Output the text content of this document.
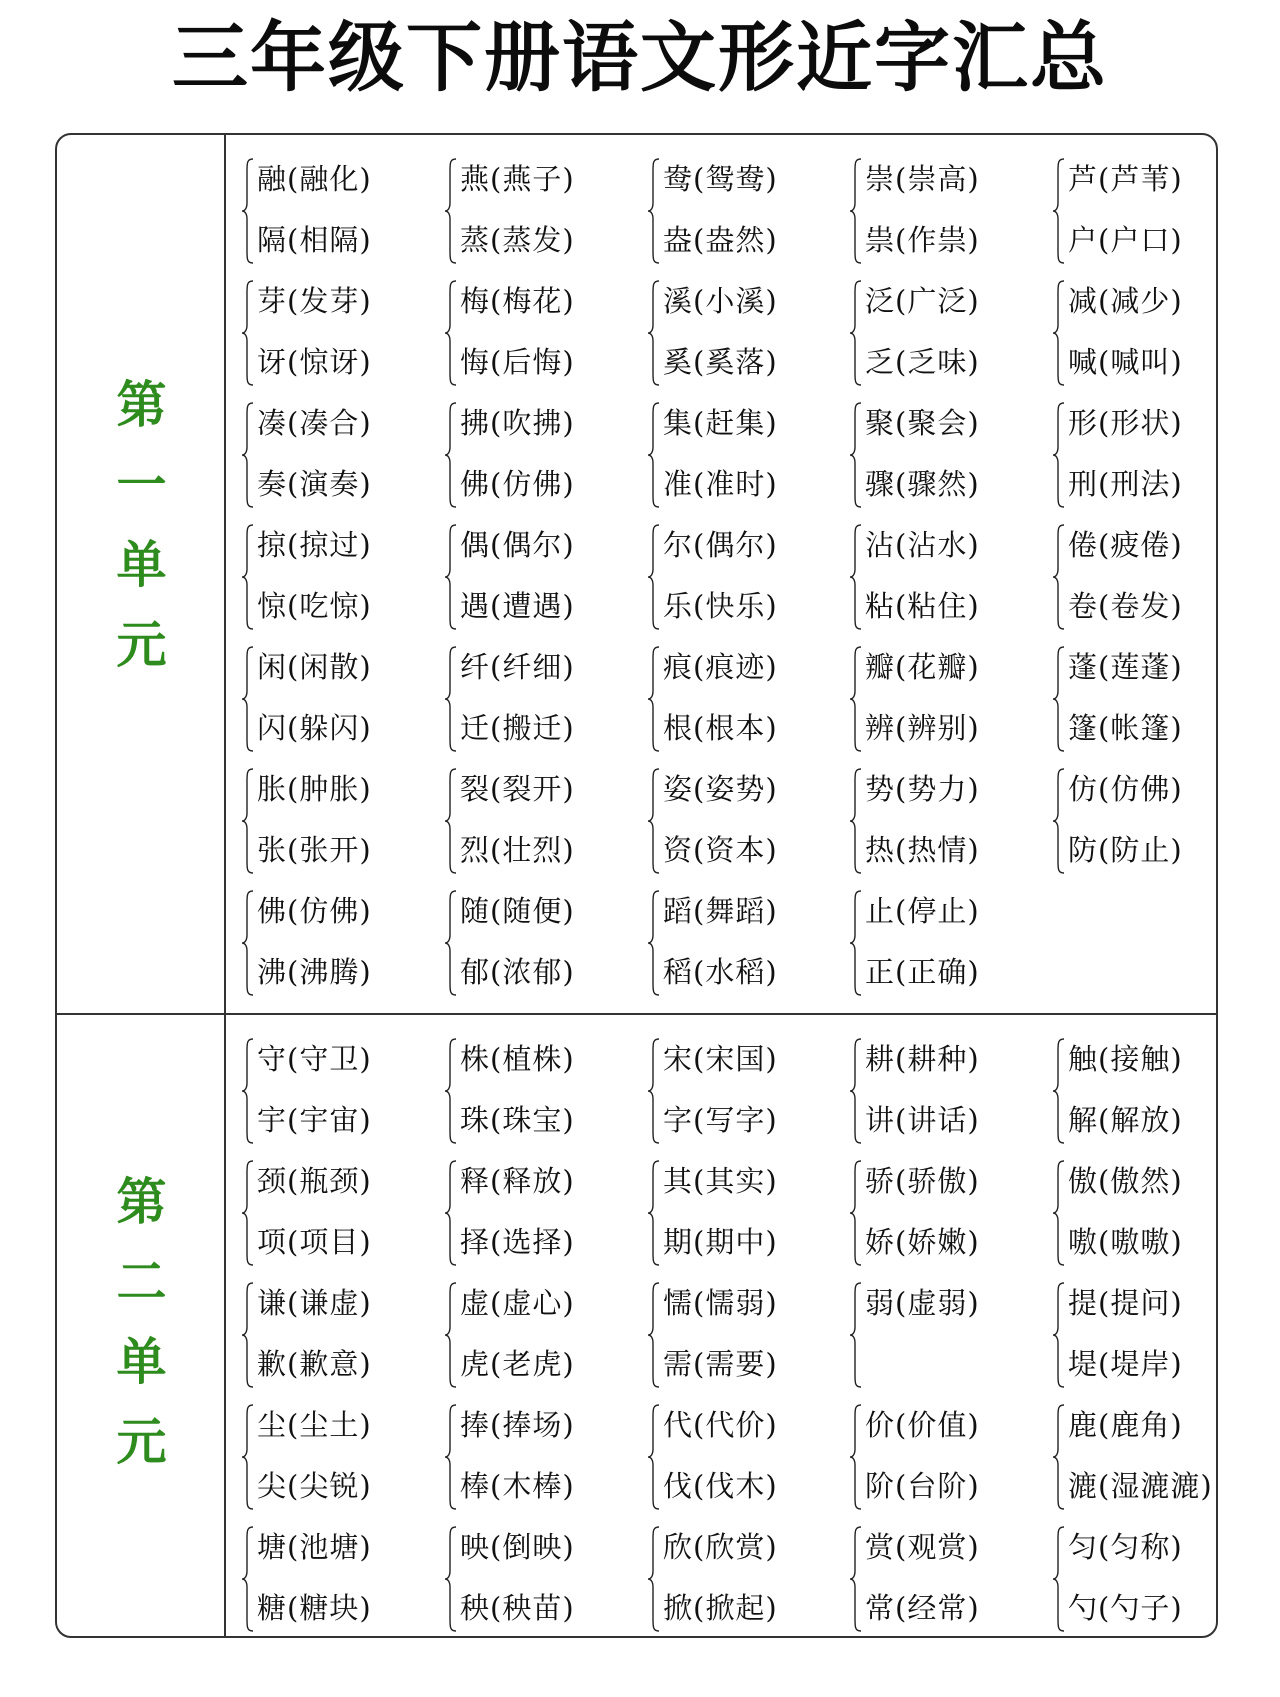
三年级下册语文形近字汇总
第
一
单
元
融(融化)
隔(相隔)
燕(燕子)
蒸(蒸发)
鸯(鸳鸯)
盎(盎然)
崇(崇高)
祟(作祟)
芦(芦苇)
户(户口)
芽(发芽)
讶(惊讶)
梅(梅花)
悔(后悔)
溪(小溪)
奚(奚落)
泛(广泛)
乏(乏味)
减(减少)
喊(喊叫)
凑(凑合)
奏(演奏)
拂(吹拂)
佛(仿佛)
集(赶集)
准(准时)
聚(聚会)
骤(骤然)
形(形状)
刑(刑法)
掠(掠过)
惊(吃惊)
偶(偶尔)
遇(遭遇)
尔(偶尔)
乐(快乐)
沾(沾水)
粘(粘住)
倦(疲倦)
卷(卷发)
闲(闲散)
闪(躲闪)
纤(纤细)
迁(搬迁)
痕(痕迹)
根(根本)
瓣(花瓣)
辨(辨别)
蓬(莲蓬)
篷(帐篷)
胀(肿胀)
张(张开)
裂(裂开)
烈(壮烈)
姿(姿势)
资(资本)
势(势力)
热(热情)
仿(仿佛)
防(防止)
佛(仿佛)
沸(沸腾)
随(随便)
郁(浓郁)
蹈(舞蹈)
稻(水稻)
止(停止)
正(正确)
第
二
单
元
守(守卫)
宇(宇宙)
株(植株)
珠(珠宝)
宋(宋国)
字(写字)
耕(耕种)
讲(讲话)
触(接触)
解(解放)
颈(瓶颈)
项(项目)
释(释放)
择(选择)
其(其实)
期(期中)
骄(骄傲)
娇(娇嫩)
傲(傲然)
嗷(嗷嗷)
谦(谦虚)
歉(歉意)
虚(虚心)
虎(老虎)
懦(懦弱)
需(需要)
弱(虚弱)	提(提问)
堤(堤岸)
尘(尘土)
尖(尖锐)
捧(捧场)
棒(木棒)
代(代价)
伐(伐木)
价(价值)
阶(台阶)
鹿(鹿角)
漉(湿漉漉)
塘(池塘)
糖(糖块)
映(倒映)
秧(秧苗)
欣(欣赏)
掀(掀起)
赏(观赏)
常(经常)
匀(匀称)
勺(勺子)
